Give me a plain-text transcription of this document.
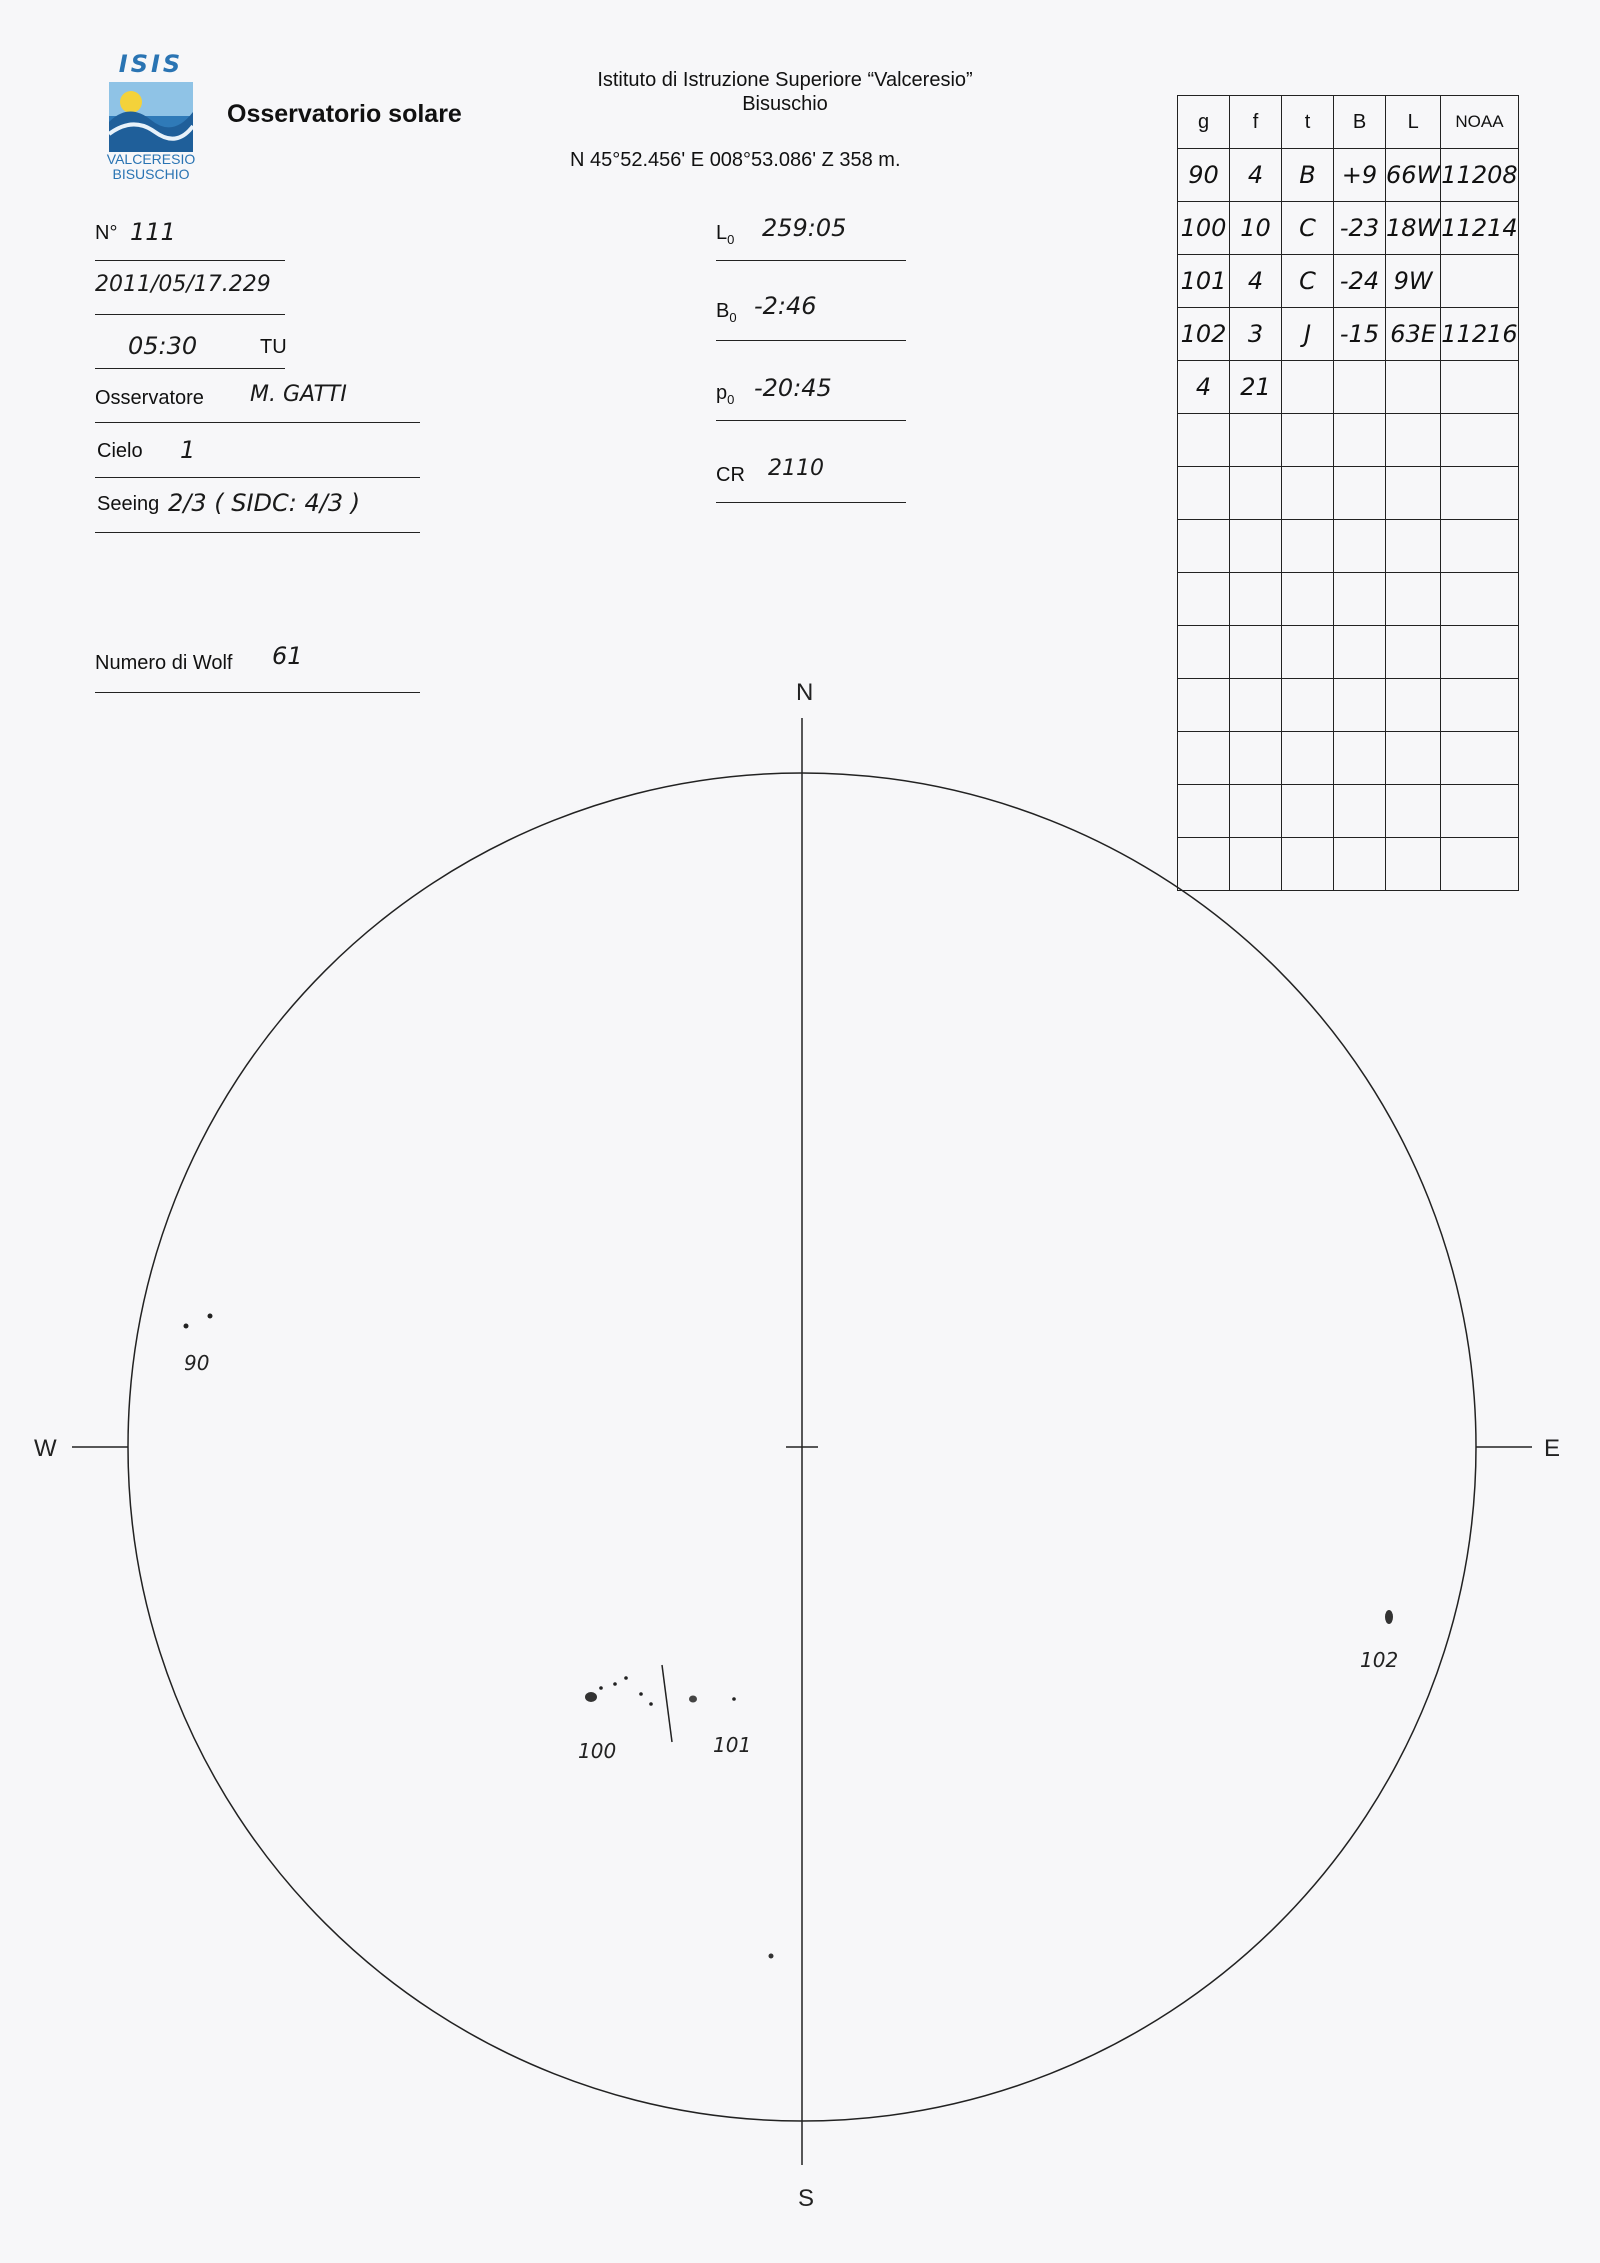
ISIS
VALCERESIO
BISUSCHIO
Osservatorio solare
Istituto di Istruzione Superiore “Valceresio”
Bisuschio
N 45°52.456' E 008°53.086' Z 358 m.
N° 111
2011/05/17.229
05:30	TU
Osservatore M. GATTI
Cielo 1
Seeing 2/3 ( SIDC: 4/3 )
Numero di Wolf 61
$L_0$ 259:05
$B_0$ -2:46
$p_0$ -20:45
CR 2110
g	f	t	B	L	NOAA
90	4	B	+9	66W	11208
100	10	C	-23	18W	11214
101	4	C	-24	9W	
102	3	J	-15	63E	11216
4	21				

N
S
W	E
90
100	101
102
